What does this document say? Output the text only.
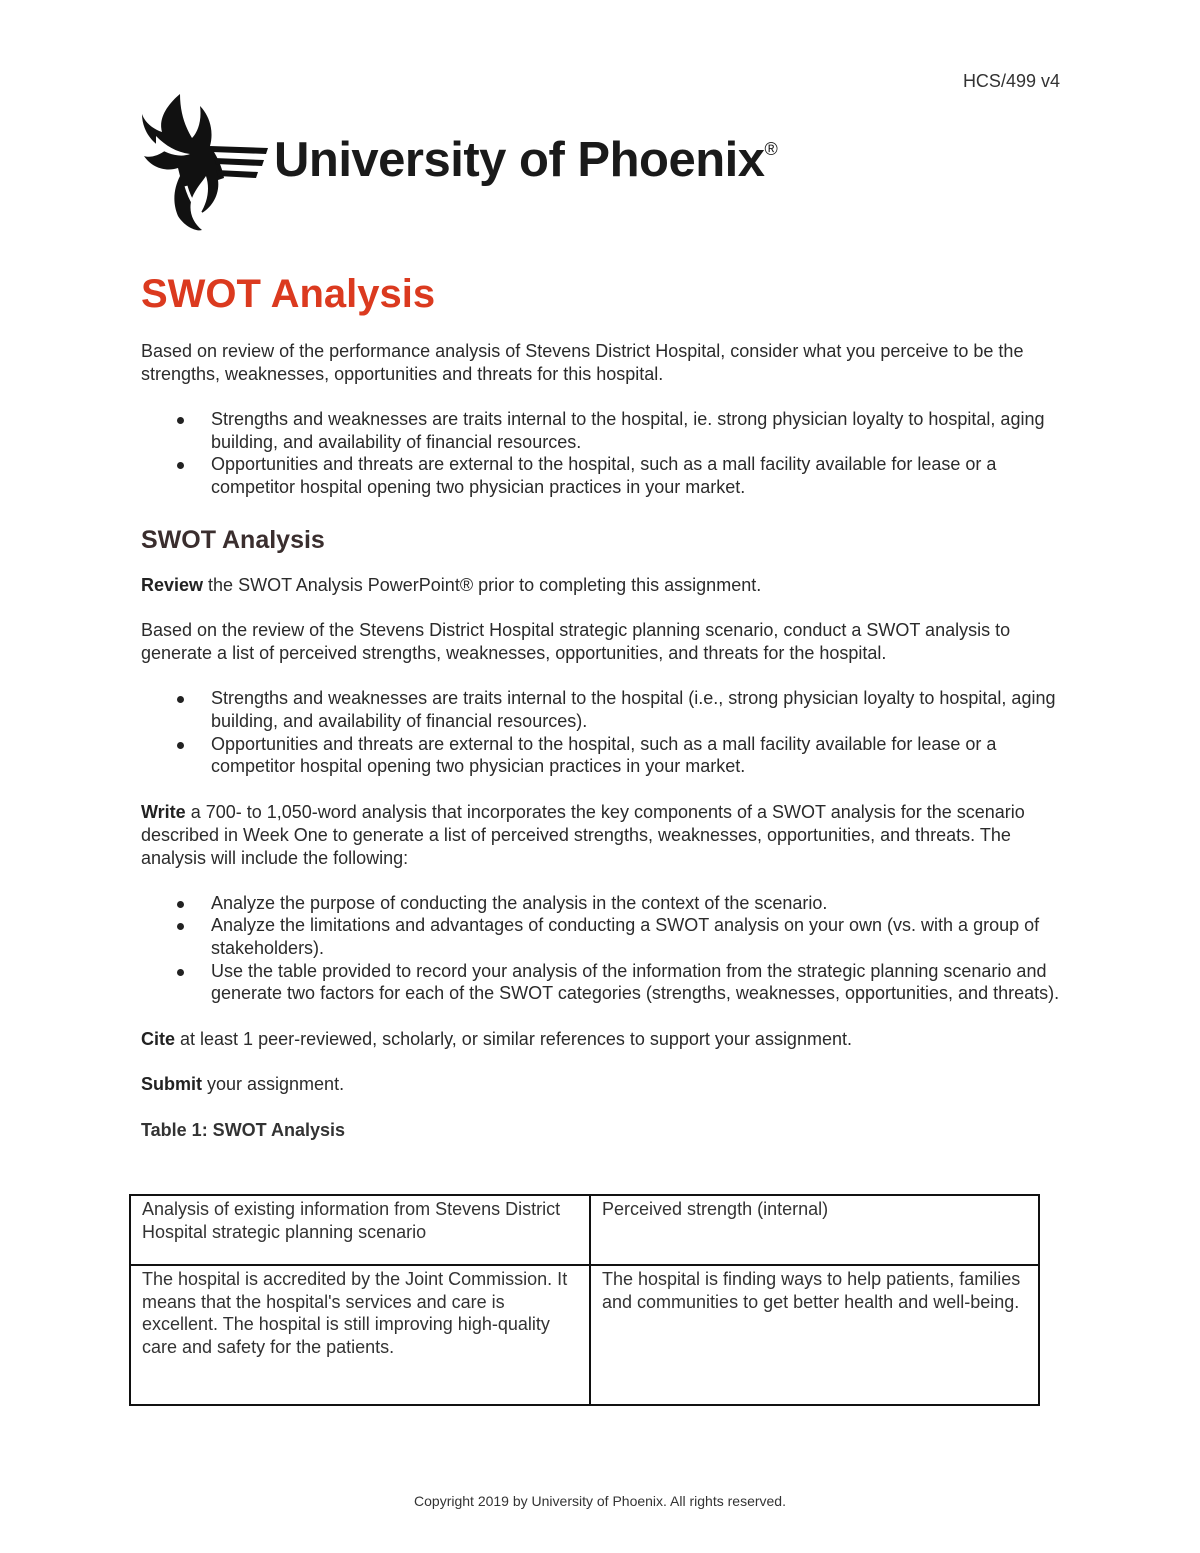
HCS/499 v4
University of Phoenix®
SWOT Analysis

Based on review of the performance analysis of Stevens District Hospital, consider what you perceive to be the strengths, weaknesses, opportunities and threats for this hospital.

Strengths and weaknesses are traits internal to the hospital, ie. strong physician loyalty to hospital, aging building, and availability of financial resources.
Opportunities and threats are external to the hospital, such as a mall facility available for lease or a competitor hospital opening two physician practices in your market.
SWOT Analysis

Review the SWOT Analysis PowerPoint® prior to completing this assignment.

Based on the review of the Stevens District Hospital strategic planning scenario, conduct a SWOT analysis to generate a list of perceived strengths, weaknesses, opportunities, and threats for the hospital.

Strengths and weaknesses are traits internal to the hospital (i.e., strong physician loyalty to hospital, aging building, and availability of financial resources).
Opportunities and threats are external to the hospital, such as a mall facility available for lease or a competitor hospital opening two physician practices in your market.

Write a 700- to 1,050-word analysis that incorporates the key components of a SWOT analysis for the scenario described in Week One to generate a list of perceived strengths, weaknesses, opportunities, and threats. The analysis will include the following:

Analyze the purpose of conducting the analysis in the context of the scenario.
Analyze the limitations and advantages of conducting a SWOT analysis on your own (vs. with a group of stakeholders).
Use the table provided to record your analysis of the information from the strategic planning scenario and generate two factors for each of the SWOT categories (strengths, weaknesses, opportunities, and threats).

Cite at least 1 peer-reviewed, scholarly, or similar references to support your assignment.

Submit your assignment.

Table 1: SWOT Analysis
Analysis of existing information from Stevens District Hospital strategic planning scenario	Perceived strength (internal)
The hospital is accredited by the Joint Commission. It means that the hospital's services and care is excellent. The hospital is still improving high-quality care and safety for the patients.	The hospital is finding ways to help patients, families and communities to get better health and well-being.
Copyright 2019 by University of Phoenix. All rights reserved.
